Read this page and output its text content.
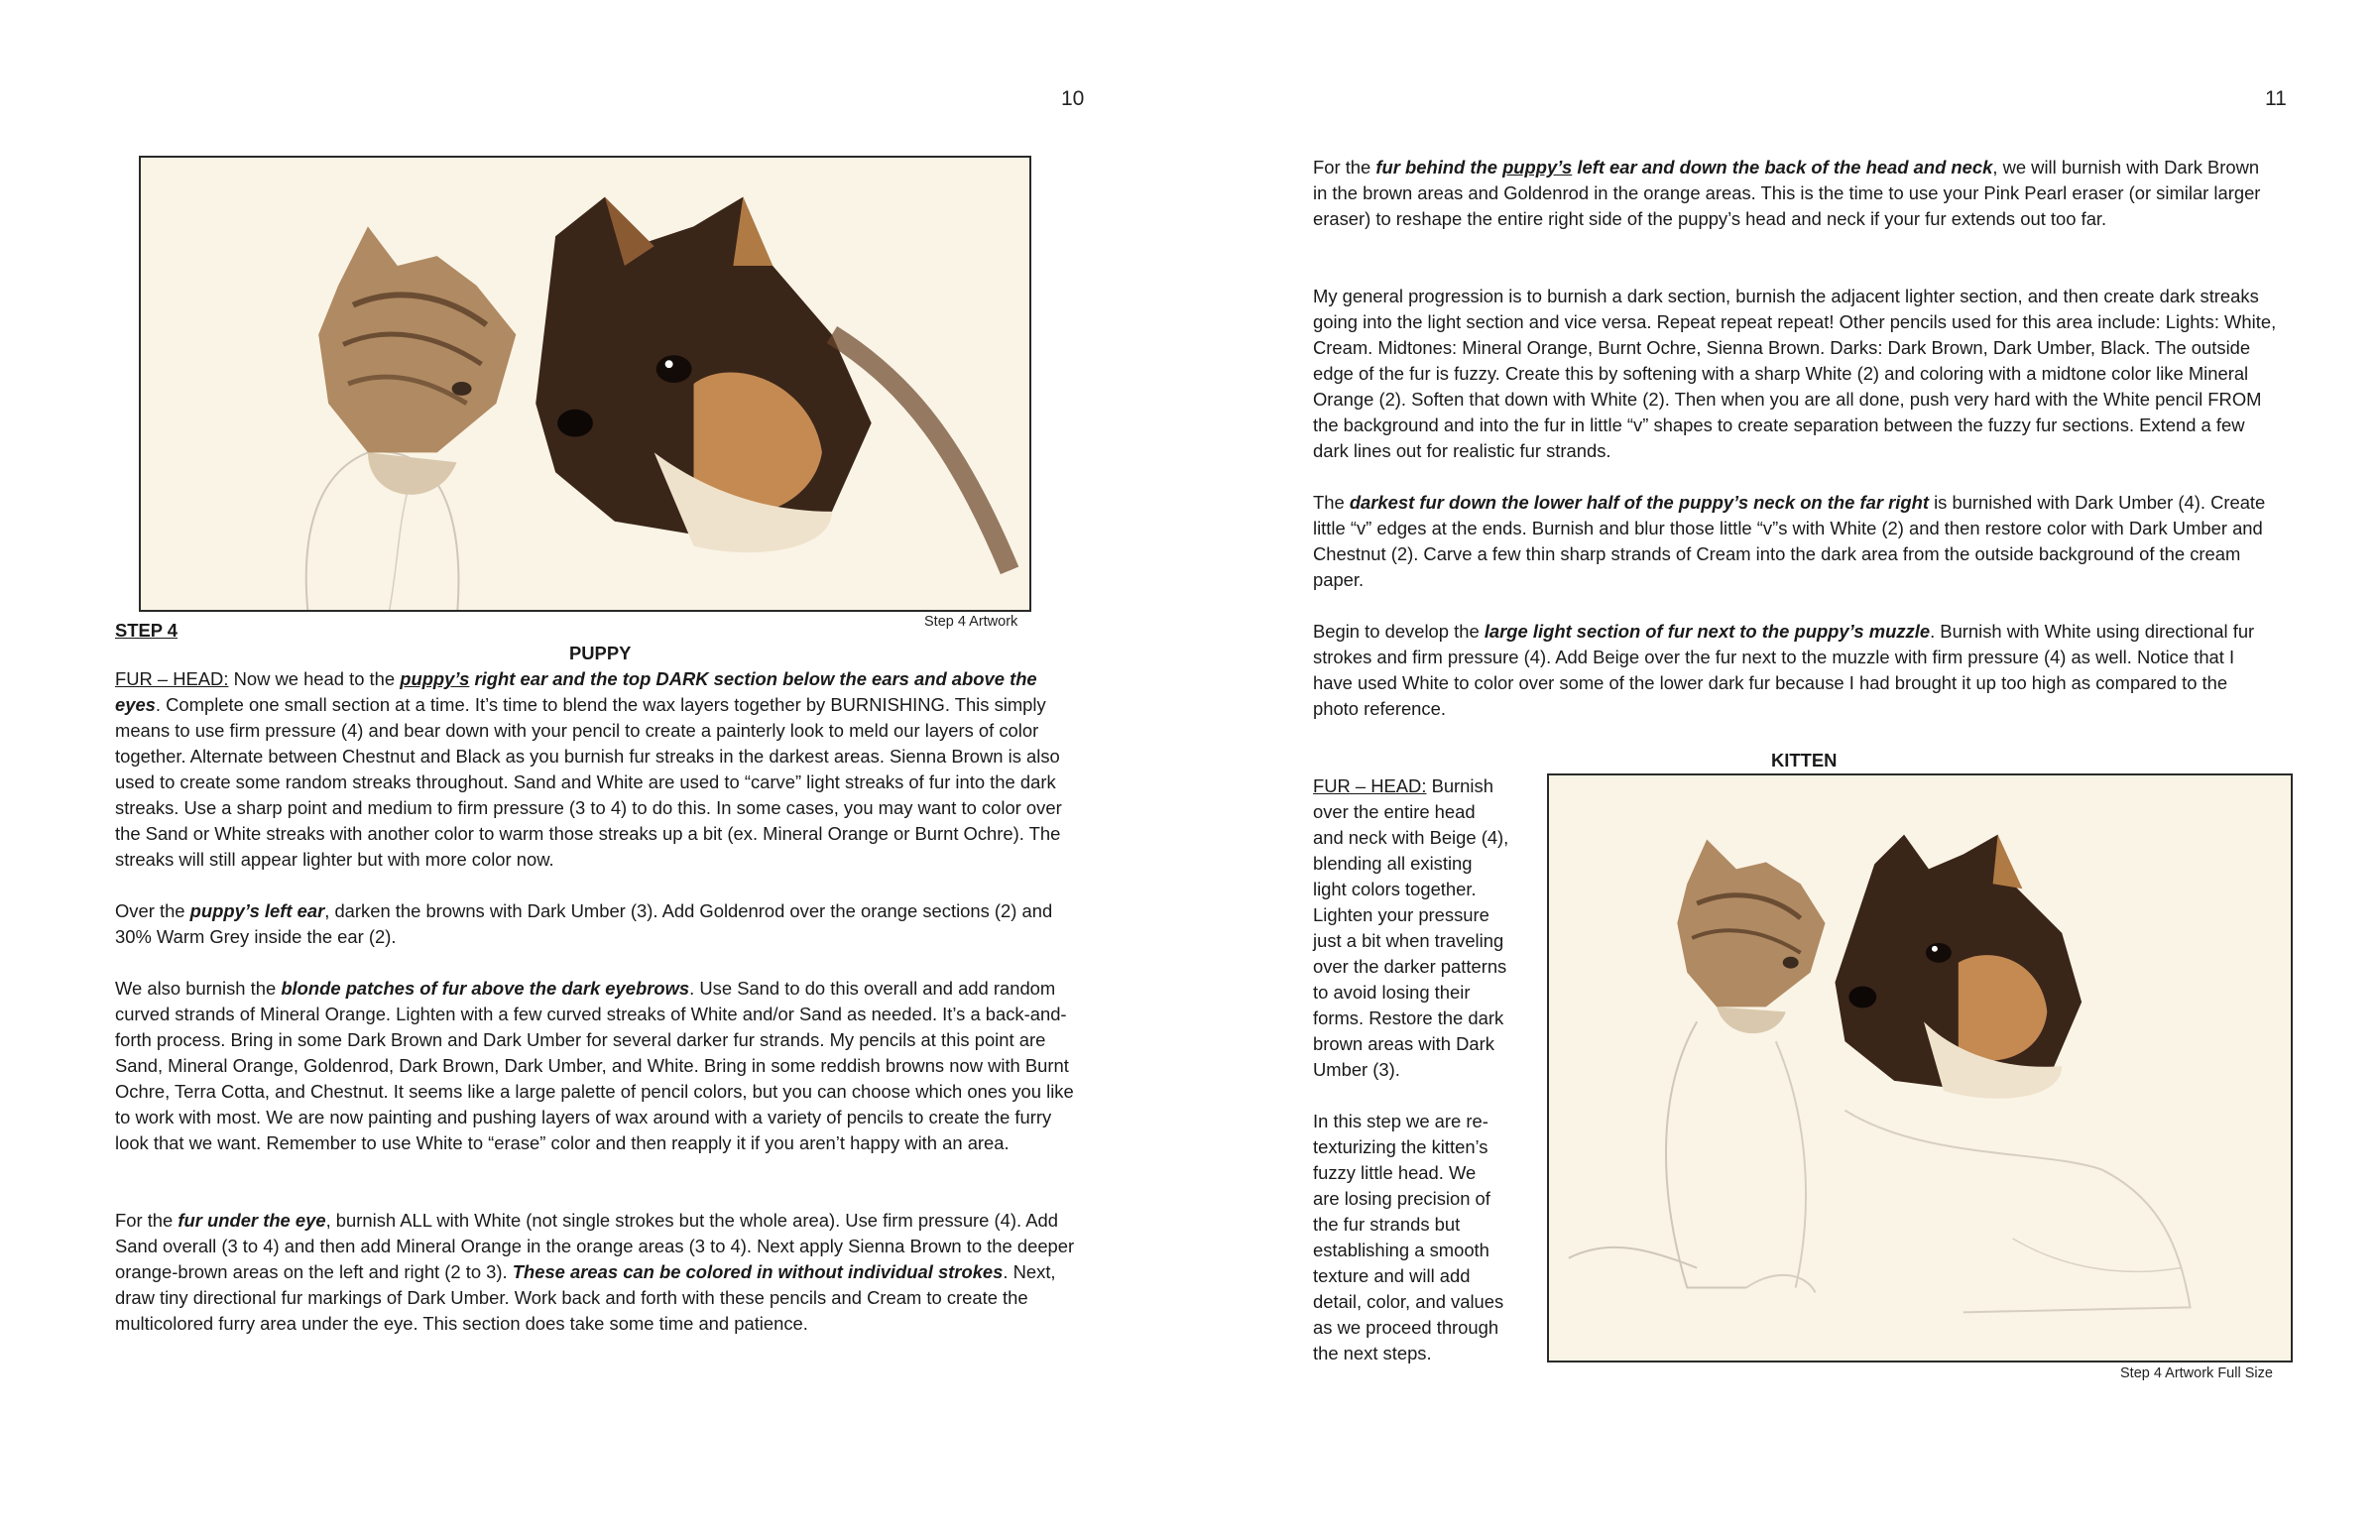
10
Step 4 Artwork
STEP 4
PUPPY

FUR – HEAD: Now we head to the puppy’s right ear and the top DARK section below the ears and above the eyes. Complete one small section at a time. It’s time to blend the wax layers together by BURNISHING. This simply means to use firm pressure (4) and bear down with your pencil to create a painterly look to meld our layers of color together. Alternate between Chestnut and Black as you burnish fur streaks in the darkest areas. Sienna Brown is also used to create some random streaks throughout. Sand and White are used to “carve” light streaks of fur into the dark streaks. Use a sharp point and medium to firm pressure (3 to 4) to do this. In some cases, you may want to color over the Sand or White streaks with another color to warm those streaks up a bit (ex. Mineral Orange or Burnt Ochre). The streaks will still appear lighter but with more color now.

Over the puppy’s left ear, darken the browns with Dark Umber (3). Add Goldenrod over the orange sections (2) and 30% Warm Grey inside the ear (2).

We also burnish the blonde patches of fur above the dark eyebrows. Use Sand to do this overall and add random curved strands of Mineral Orange. Lighten with a few curved streaks of White and/or Sand as needed. It’s a back-and-forth process. Bring in some Dark Brown and Dark Umber for several darker fur strands. My pencils at this point are Sand, Mineral Orange, Goldenrod, Dark Brown, Dark Umber, and White. Bring in some reddish browns now with Burnt Ochre, Terra Cotta, and Chestnut. It seems like a large palette of pencil colors, but you can choose which ones you like to work with most. We are now painting and pushing layers of wax around with a variety of pencils to create the furry look that we want. Remember to use White to “erase” color and then reapply it if you aren’t happy with an area.

For the fur under the eye, burnish ALL with White (not single strokes but the whole area). Use firm pressure (4). Add Sand overall (3 to 4) and then add Mineral Orange in the orange areas (3 to 4). Next apply Sienna Brown to the deeper orange-brown areas on the left and right (2 to 3). These areas can be colored in without individual strokes. Next, draw tiny directional fur markings of Dark Umber. Work back and forth with these pencils and Cream to create the multicolored furry area under the eye. This section does take some time and patience.

11

For the fur behind the puppy’s left ear and down the back of the head and neck, we will burnish with Dark Brown in the brown areas and Goldenrod in the orange areas. This is the time to use your Pink Pearl eraser (or similar larger eraser) to reshape the entire right side of the puppy’s head and neck if your fur extends out too far.

My general progression is to burnish a dark section, burnish the adjacent lighter section, and then create dark streaks going into the light section and vice versa. Repeat repeat repeat! Other pencils used for this area include: Lights: White, Cream. Midtones: Mineral Orange, Burnt Ochre, Sienna Brown. Darks: Dark Brown, Dark Umber, Black. The outside edge of the fur is fuzzy. Create this by softening with a sharp White (2) and coloring with a midtone color like Mineral Orange (2). Soften that down with White (2). Then when you are all done, push very hard with the White pencil FROM the background and into the fur in little “v” shapes to create separation between the fuzzy fur sections. Extend a few dark lines out for realistic fur strands.

The darkest fur down the lower half of the puppy’s neck on the far right is burnished with Dark Umber (4). Create little “v” edges at the ends. Burnish and blur those little “v”s with White (2) and then restore color with Dark Umber and Chestnut (2). Carve a few thin sharp strands of Cream into the dark area from the outside background of the cream paper.

Begin to develop the large light section of fur next to the puppy’s muzzle. Burnish with White using directional fur strokes and firm pressure (4). Add Beige over the fur next to the muzzle with firm pressure (4) as well. Notice that I have used White to color over some of the lower dark fur because I had brought it up too high as compared to the photo reference.

KITTEN

FUR – HEAD: Burnish
over the entire head
and neck with Beige (4),
blending all existing
light colors together.
Lighten your pressure
just a bit when traveling
over the darker patterns
to avoid losing their
forms. Restore the dark
brown areas with Dark
Umber (3).

In this step we are re-
texturizing the kitten’s
fuzzy little head. We
are losing precision of
the fur strands but
establishing a smooth
texture and will add
detail, color, and values
as we proceed through
the next steps.

Step 4 Artwork Full Size
